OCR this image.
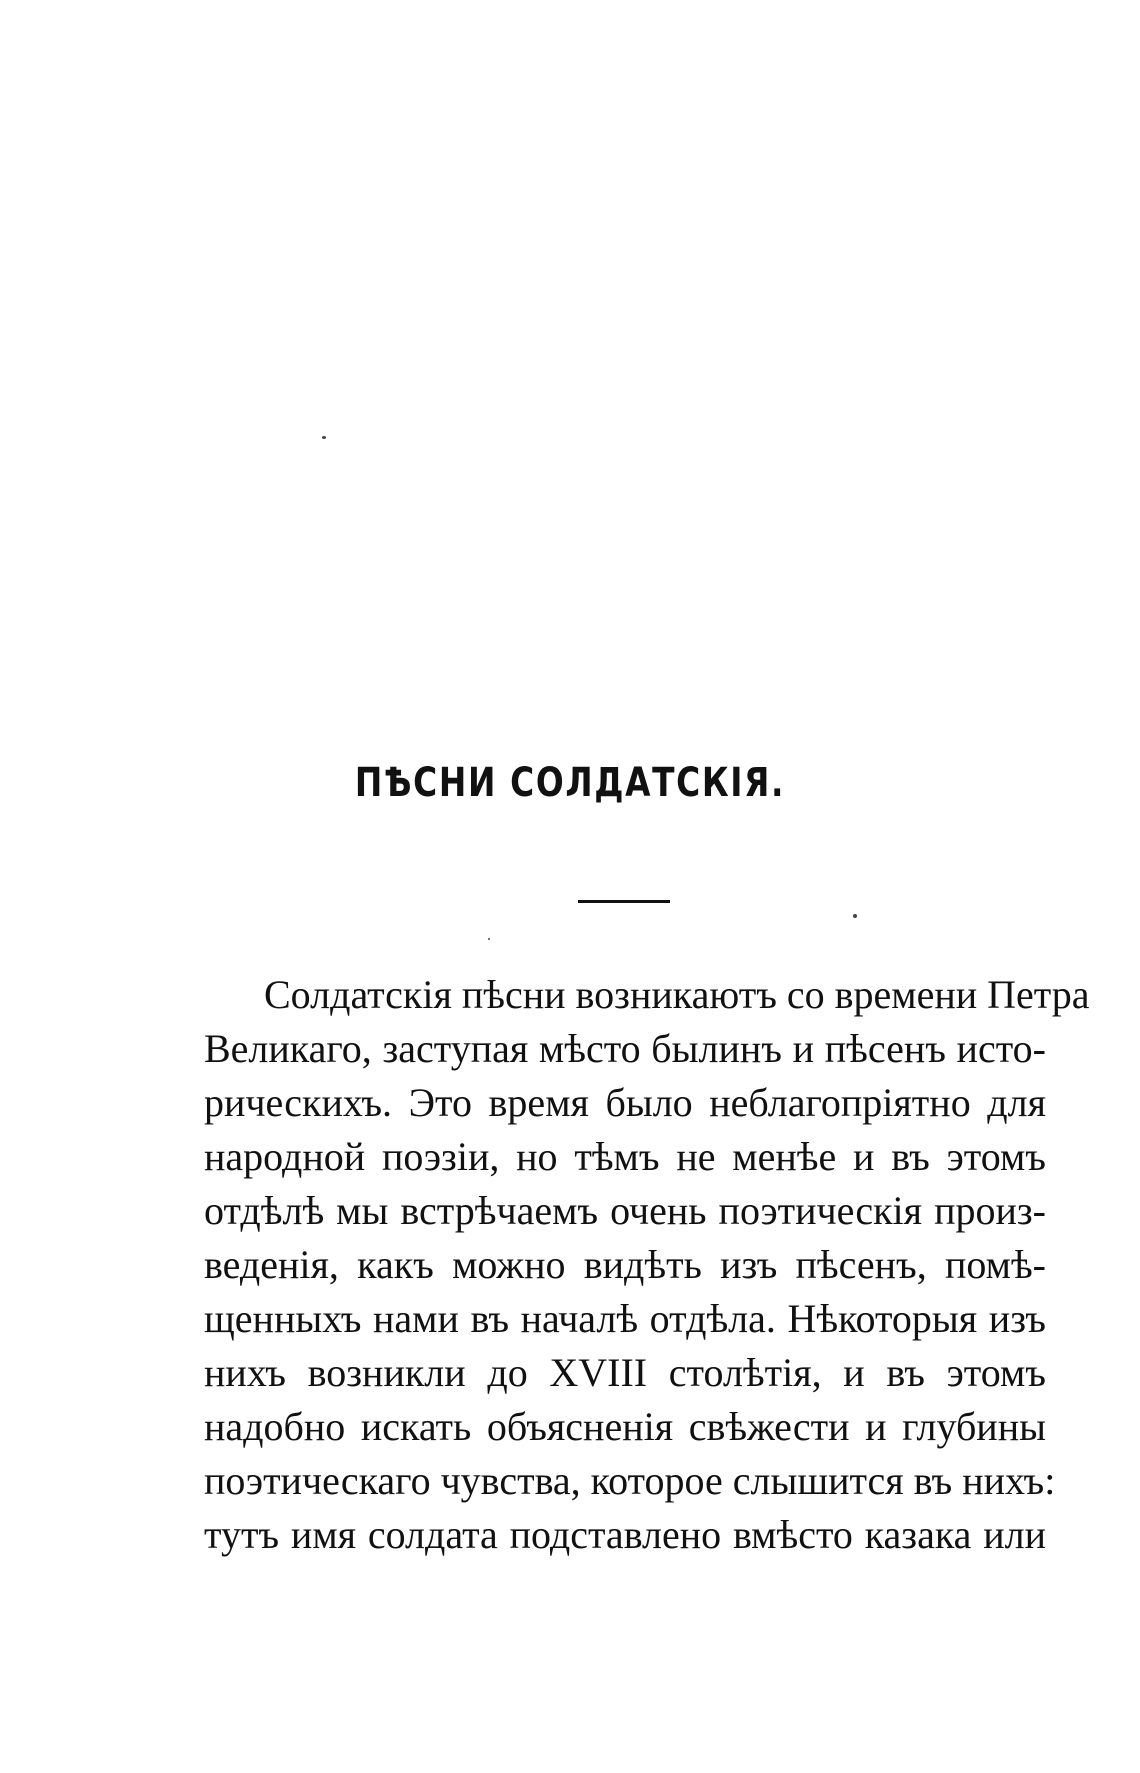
ПѢСНИ СОЛДАТСКІЯ.
Солдатскія пѣсни возникаютъ со времени Петра
Великаго, заступая мѣсто былинъ и пѣсенъ исто-
рическихъ. Это время было неблагопріятно для
народной поэзіи, но тѣмъ не менѣе и въ этомъ
отдѣлѣ мы встрѣчаемъ очень поэтическія произ-
веденія, какъ можно видѣть изъ пѣсенъ, помѣ-
щенныхъ нами въ началѣ отдѣла. Нѣкоторыя изъ
нихъ возникли до XVIII столѣтія, и въ этомъ
надобно искать объясненія свѣжести и глубины
поэтическаго чувства, которое слышится въ нихъ:
тутъ имя солдата подставлено вмѣсто казака или
